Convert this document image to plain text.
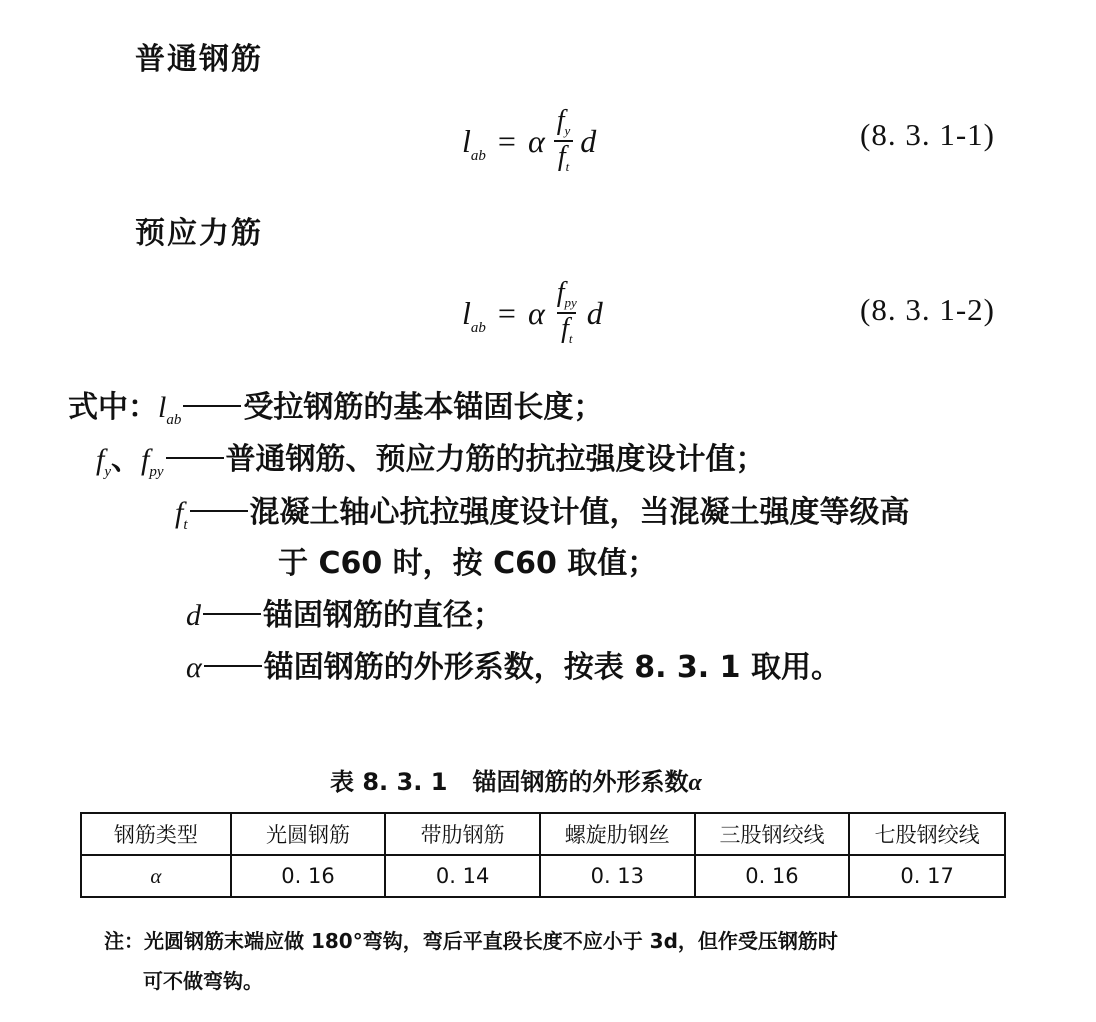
普通钢筋
$l_{ab} = \alpha \frac{f_y}{f_t}$ d	(8. 3. 1-1)
预应力筋
$l_{ab} = \alpha \frac{f_{py}}{f_t}$ d	(8. 3. 1-2)
式中：$l_{ab}$ 受拉钢筋的基本锚固长度；
$f_y$、$f_{py}$ 普通钢筋、预应力筋的抗拉强度设计值；
$f_t$ 混凝土轴心抗拉强度设计值，当混凝土强度等级高
于 C60 时，按 C60 取值；
d 锚固钢筋的直径；
α 锚固钢筋的外形系数，按表 8. 3. 1 取用。
表 8. 3. 1 锚固钢筋的外形系数α
钢筋类型	光圆钢筋	带肋钢筋	螺旋肋钢丝	三股钢绞线	七股钢绞线
α	0. 16	0. 14	0. 13	0. 16	0. 17
注：光圆钢筋末端应做 180°弯钩，弯后平直段长度不应小于 3d，但作受压钢筋时
可不做弯钩。
